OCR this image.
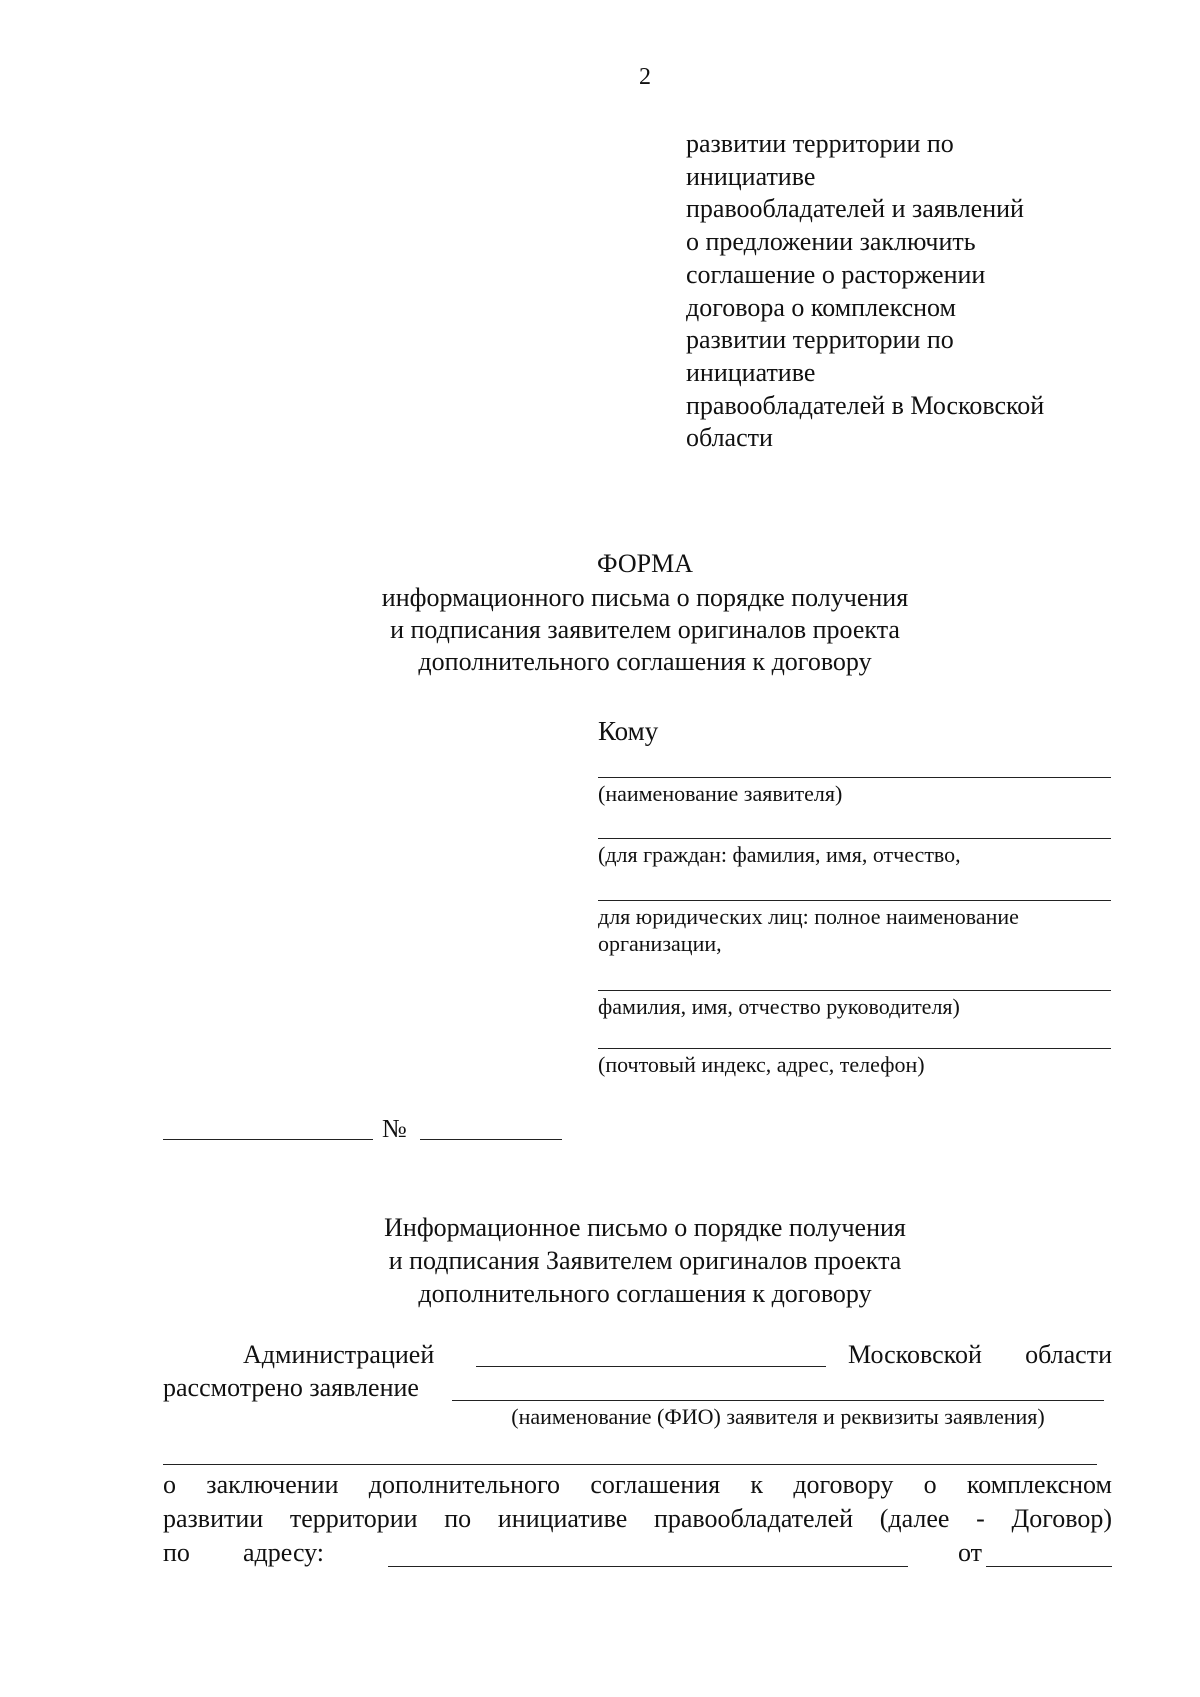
2
развитии территории по
инициативе
правообладателей и заявлений
о предложении заключить
соглашение о расторжении
договора о комплексном
развитии территории по
инициативе
правообладателей в Московской
области
ФОРМА
информационного письма о порядке получения
и подписания заявителем оригиналов проекта
дополнительного соглашения к договору
Кому
(наименование заявителя)
(для граждан: фамилия, имя, отчество,
для юридических лиц: полное наименование организации,
фамилия, имя, отчество руководителя)
(почтовый индекс, адрес, телефон)
№
Информационное письмо о порядке получения
и подписания Заявителем оригиналов проекта
дополнительного соглашения к договору
Администрацией	Московской области
рассмотрено заявление
(наименование (ФИО) заявителя и реквизиты заявления)
о заключении дополнительного соглашения к договору о комплексном
развитии территории по инициативе правообладателей (далее - Договор)
по адресу:	от
